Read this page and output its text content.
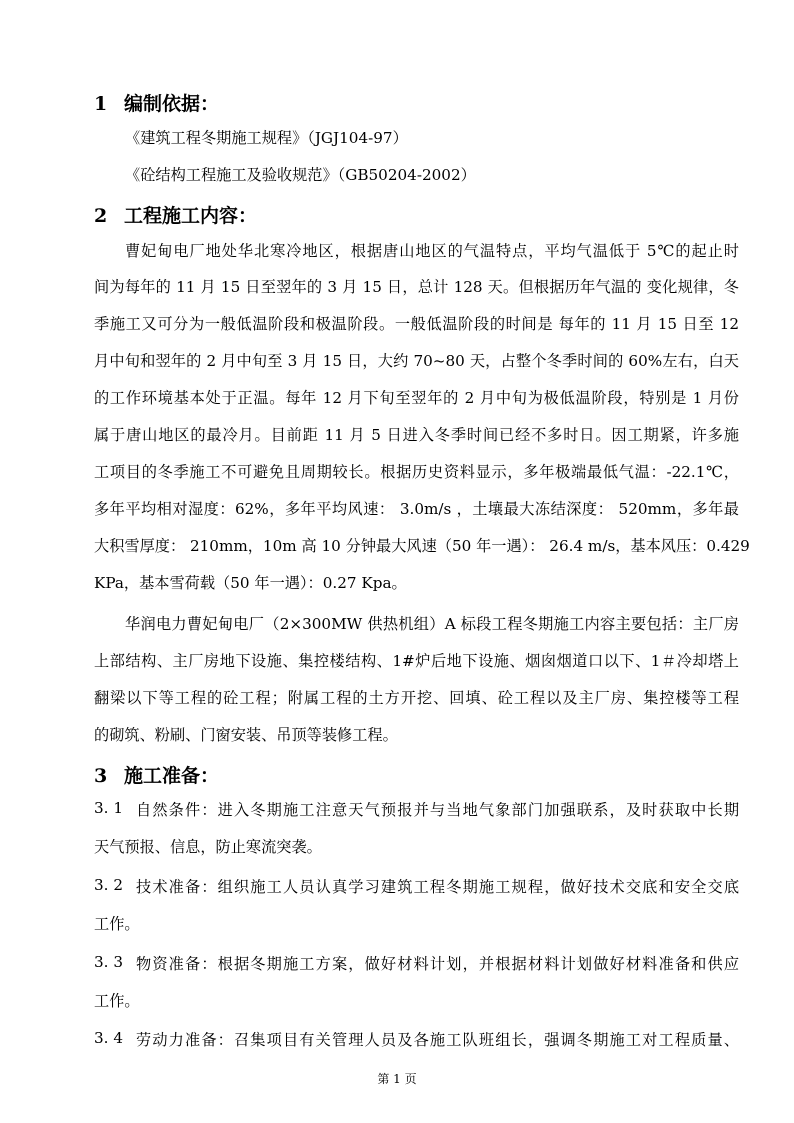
1 编制依据：
《建筑工程冬期施工规程》（JGJ104-97）
《砼结构工程施工及验收规范》（GB50204-2002）
2 工程施工内容：
曹妃甸电厂地处华北寒冷地区，根据唐山地区的气温特点，平均气温低于 5℃的起止时
间为每年的 11 月 15 日至翌年的 3 月 15 日，总计 128 天。但根据历年气温的 变化规律，冬
季施工又可分为一般低温阶段和极温阶段。一般低温阶段的时间是 每年的 11 月 15 日至 12
月中旬和翌年的 2 月中旬至 3 月 15 日，大约 70~80 天，占整个冬季时间的 60%左右，白天
的工作环境基本处于正温。每年 12 月下旬至翌年的 2 月中旬为极低温阶段，特别是 1 月份
属于唐山地区的最冷月。目前距 11 月 5 日进入冬季时间已经不多时日。因工期紧，许多施
工项目的冬季施工不可避免且周期较长。根据历史资料显示，多年极端最低气温：-22.1℃，
多年平均相对湿度：62%，多年平均风速： 3.0m/s ，土壤最大冻结深度： 520mm，多年最
大积雪厚度： 210mm，10m 高 10 分钟最大风速（50 年一遇）： 26.4 m/s，基本风压：0.429
KPa，基本雪荷载（50 年一遇）：0.27 Kpa。
华润电力曹妃甸电厂（2×300MW 供热机组）A 标段工程冬期施工内容主要包括：主厂房
上部结构、主厂房地下设施、集控楼结构、1#炉后地下设施、烟囱烟道口以下、1＃冷却塔上
翻梁以下等工程的砼工程；附属工程的土方开挖、回填、砼工程以及主厂房、集控楼等工程
的砌筑、粉刷、门窗安装、吊顶等装修工程。
3 施工准备：
3. 1 自然条件：进入冬期施工注意天气预报并与当地气象部门加强联系，及时获取中长期
天气预报、信息，防止寒流突袭。
3. 2 技术准备：组织施工人员认真学习建筑工程冬期施工规程，做好技术交底和安全交底
工作。
3. 3 物资准备：根据冬期施工方案，做好材料计划，并根据材料计划做好材料准备和供应
工作。
3. 4 劳动力准备：召集项目有关管理人员及各施工队班组长，强调冬期施工对工程质量、
第 1 页
